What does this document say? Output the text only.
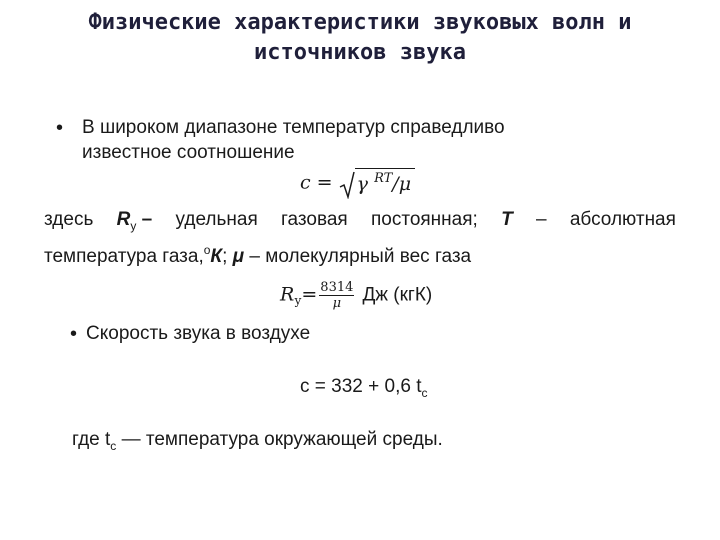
Физические характеристики звуковых волн и
источников звука
• В широком диапазоне температур справедливо
известное соотношение
c = γ $^{RT}$/μ
здесь $R_у$ – удельная газовая постоянная; T – абсолютная
температура газа,$^о$К; μ – молекулярный вес газа
$R_у= \frac{8314}{\mu}$ Дж (кгК)
• Скорость звука в воздухе
c = 332 + 0,6 $t_с$
где $t_с$ — температура окружающей среды.
